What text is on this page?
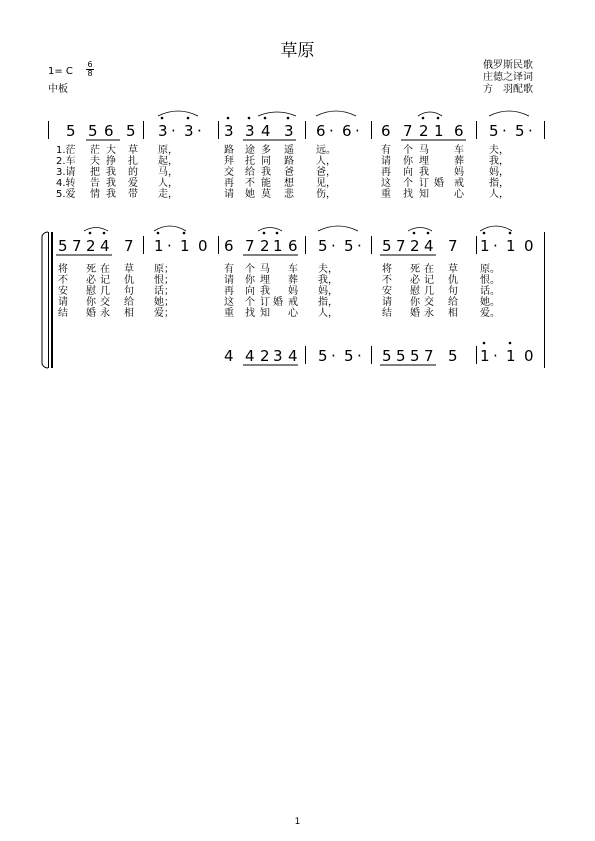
草原
1= C
6
8
中板
俄罗斯民歌
庄德之译词
方　羽配歌
5 5 6 5 3 · 3 · 3 3 4 3 6 · 6 · 6 7 2 1 6 5 · 5 ·
5 7 2 4 7 1 · 1 0 6 7 2 1 6 5 · 5 · 5 7 2 4 7 1 · 1 0
4 4 2 3 4 5 · 5 · 5 5 5 7 5 1 · 1 0
1.茫 茫 大 草 原，	路 途 多 遥 远。	有 个 马	车	夫，
2.车 夫 挣 扎 起，	拜 托 同 路 人，	请 你 埋	葬	我，
3.请 把 我 的 马，	交 给 我 爸 爸，	再 向 我	妈	妈，
4.转 告 我 爱 人，	再 不 能 想 见，	这 个 订 婚 戒	指，
5.爱 情 我 带 走，	请 她 莫 悲 伤，	重 找 知	心	人，
将 死 在 草 原；	有 个 马 车 夫，	将 死 在 草 原。
不 必 记 仇 恨；	请 你 埋 葬 我，	不 必 记 仇 恨。
安 慰 几 句 话；	再 向 我 妈 妈，	安 慰 几 句 话。
请 你 交 给 她；	这 个 订 婚 戒 指，	请 你 交 给 她。
结 婚 永 相 爱；	重 找 知 心 人，	结 婚 永 相 爱。
1
